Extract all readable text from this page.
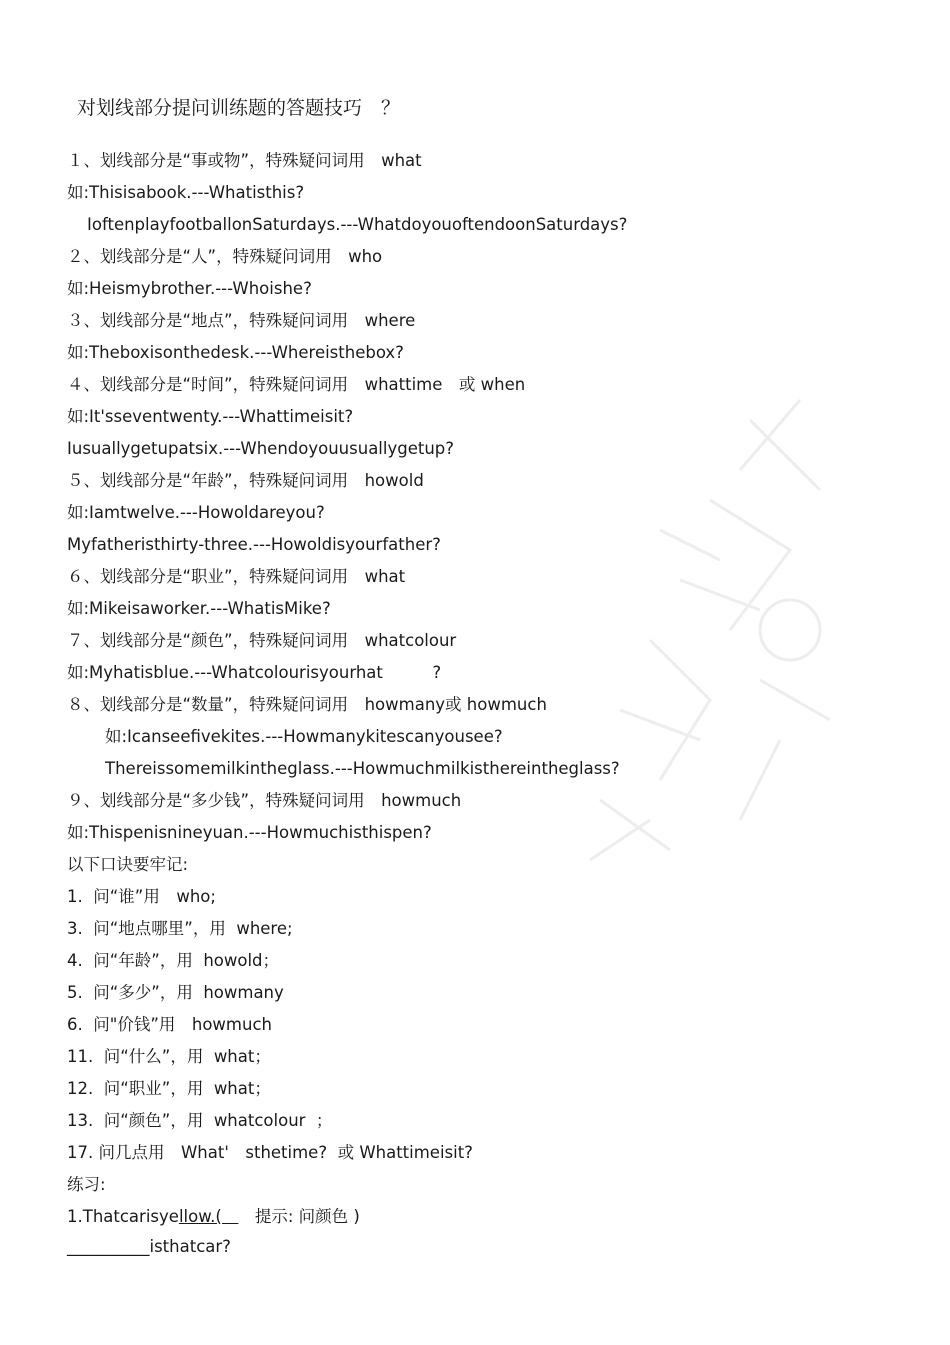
对划线部分提问训练题的答题技巧　？
１、划线部分是“事或物”，特殊疑问词用　what
如:Thisisabook.---Whatisthis?
IoftenplayfootballonSaturdays.---WhatdoyouoftendoonSaturdays?
２、划线部分是“人”，特殊疑问词用　who
如:Heismybrother.---Whoishe?
３、划线部分是“地点”，特殊疑问词用　where
如:Theboxisonthedesk.---Whereisthebox?
４、划线部分是“时间”，特殊疑问词用　whattime　或 when
如:It'sseventwenty.---Whattimeisit?
Iusuallygetupatsix.---Whendoyouusuallygetup?
５、划线部分是“年龄”，特殊疑问词用　howold
如:Iamtwelve.---Howoldareyou?
Myfatheristhirty-three.---Howoldisyourfather?
６、划线部分是“职业”，特殊疑问词用　what
如:Mikeisaworker.---WhatisMike?
７、划线部分是“颜色”，特殊疑问词用　whatcolour
如:Myhatisblue.---Whatcolourisyourhat　　　?
８、划线部分是“数量”，特殊疑问词用　howmany或 howmuch
如:Icanseefivekites.---Howmanykitescanyousee?
Thereissomemilkintheglass.---Howmuchmilkisthereintheglass?
９、划线部分是“多少钱”，特殊疑问词用　howmuch
如:Thispenisnineyuan.---Howmuchisthispen?
以下口诀要牢记:
1.  问“谁”用　who;
3.  问“地点哪里”，用  where;
4.  问“年龄”，用  howold；
5.  问“多少”，用  howmany
6.  问"价钱”用　howmuch
11.  问“什么”，用  what；
12.  问“职业”，用  what；
13.  问“颜色”，用  whatcolour  ；
17. 问几点用　What'　sthetime?  或 Whattimeisit?
练习:
1.Thatcarisyellow.(　　提示: 问颜色 )
__________isthatcar?
